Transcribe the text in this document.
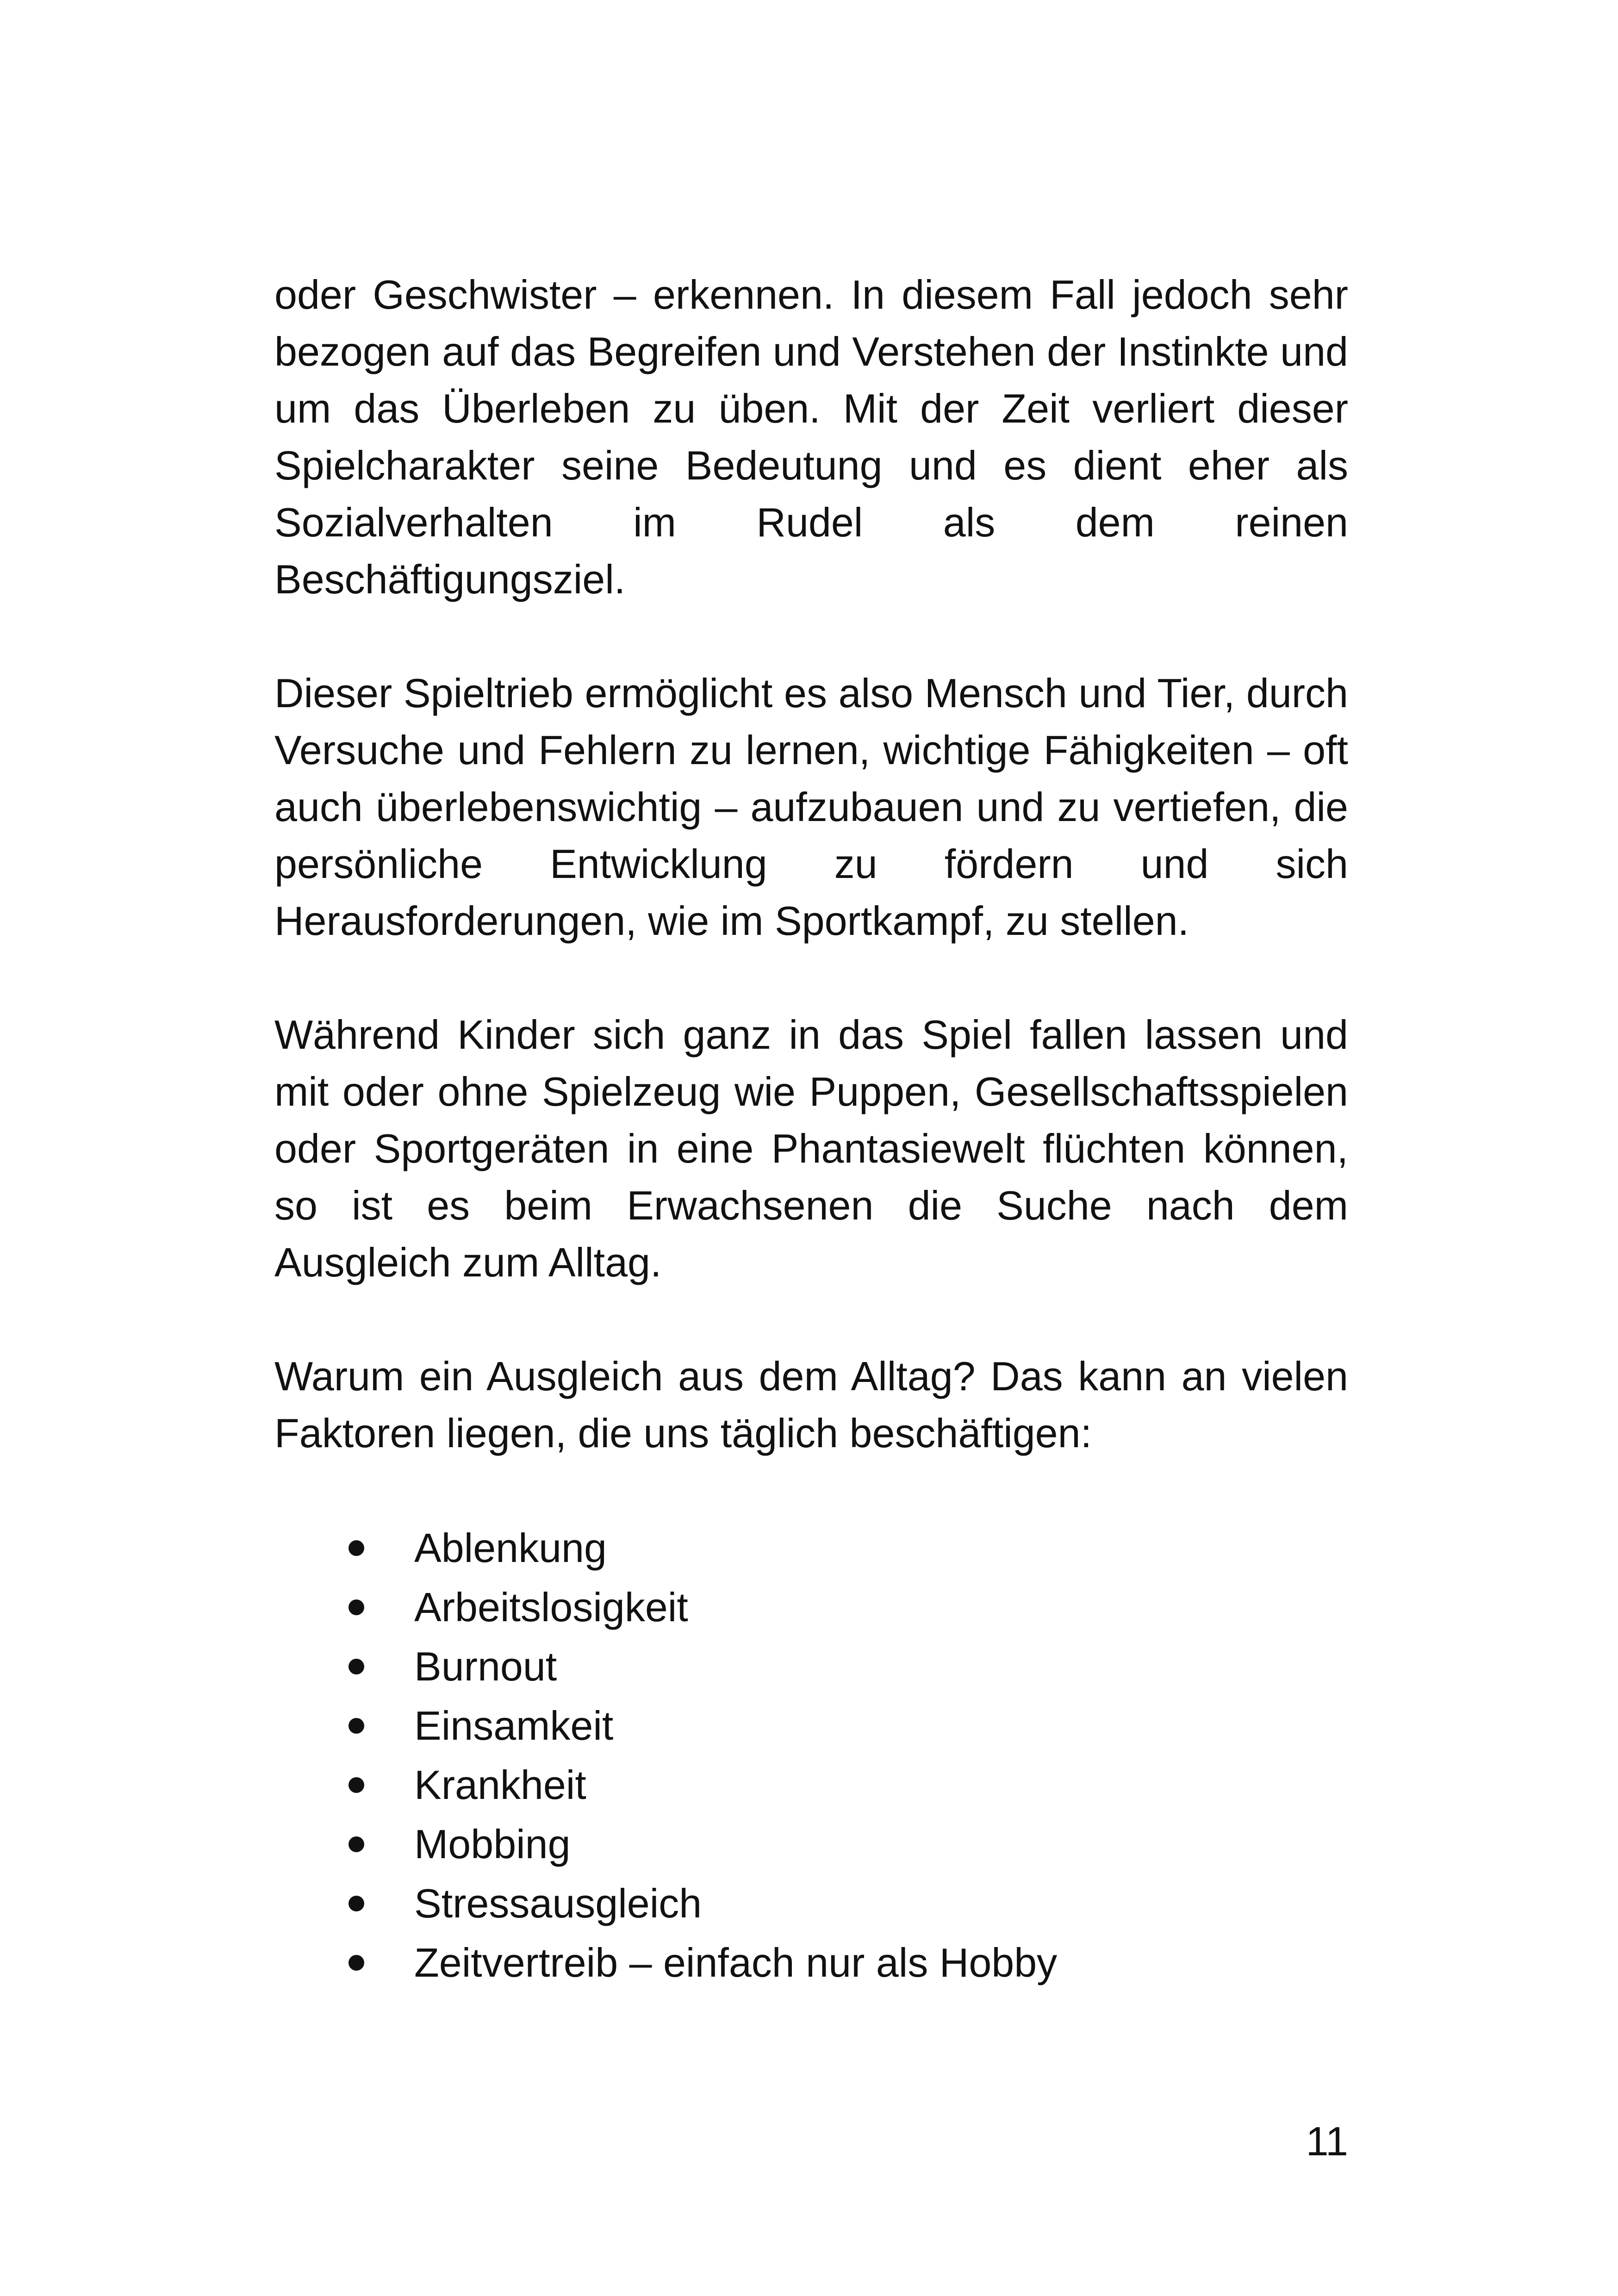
oder Geschwister – erkennen. In diesem Fall jedoch sehr bezogen auf das Begreifen und Verstehen der Instinkte und um das Überleben zu üben. Mit der Zeit verliert dieser Spielcharakter seine Bedeutung und es dient eher als Sozialverhalten im Rudel als dem reinen Beschäftigungsziel.

Dieser Spieltrieb ermöglicht es also Mensch und Tier, durch Versuche und Fehlern zu lernen, wichtige Fähigkeiten – oft auch überlebenswichtig – aufzubauen und zu vertiefen, die persönliche Entwicklung zu fördern und sich Herausforderungen, wie im Sportkampf, zu stellen.

Während Kinder sich ganz in das Spiel fallen lassen und mit oder ohne Spielzeug wie Puppen, Gesellschaftsspielen oder Sportgeräten in eine Phantasiewelt flüchten können, so ist es beim Erwachsenen die Suche nach dem Ausgleich zum Alltag.

Warum ein Ausgleich aus dem Alltag? Das kann an vielen Faktoren liegen, die uns täglich beschäftigen:

Ablenkung
Arbeitslosigkeit
Burnout
Einsamkeit
Krankheit
Mobbing
Stressausgleich
Zeitvertreib – einfach nur als Hobby
11
